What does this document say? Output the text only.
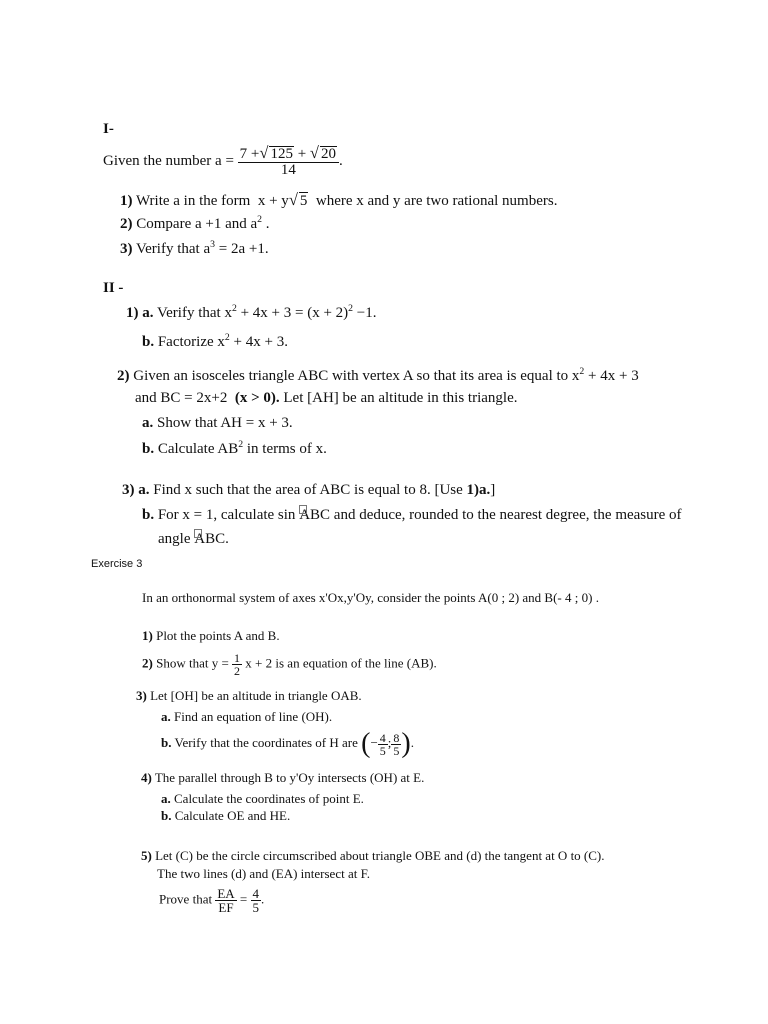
I-
Given the number $a = \frac{7 +√ 125 + √ 20}{14}$ .
1) Write a in the form x + y√ 5 where x and y are two rational numbers.
2) Compare a +1 and $a^2$ .
3) Verify that $a^3 = 2a +1$.
II -
1) a. Verify that $x^2 + 4x + 3 = (x + 2)^2 -1$.
b. Factorize $x^2 + 4x + 3$.
2) Given an isosceles triangle ABC with vertex A so that its area is equal to $x^2 + 4x + 3$
and BC = 2x+2 (x > 0). Let [AH] be an altitude in this triangle.
a. Show that AH = x + 3.
b. Calculate $AB^2$ in terms of x.
3) a. Find x such that the area of ABC is equal to 8. [Use 1)a.]
b. For x = 1, calculate sin ABC and deduce, rounded to the nearest degree, the measure of
angle ABC.
Exercise 3
In an orthonormal system of axes x'Ox,y'Oy, consider the points A(0 ; 2) and B(- 4 ; 0) .
1) Plot the points A and B.
2) Show that $y = \frac{1}{2}$ x + 2 is an equation of the line (AB).
3) Let [OH] be an altitude in triangle OAB.
a. Find an equation of line (OH).
b. Verify that the coordinates of H are (− $\frac{4}{5}$ ; $\frac{8}{5}$ ).
4) The parallel through B to y'Oy intersects (OH) at E.
a. Calculate the coordinates of point E.
b. Calculate OE and HE.
5) Let (C) be the circle circumscribed about triangle OBE and (d) the tangent at O to (C).
The two lines (d) and (EA) intersect at F.
Prove that $\frac{EA}{EF} = \frac{4}{5}$ .
